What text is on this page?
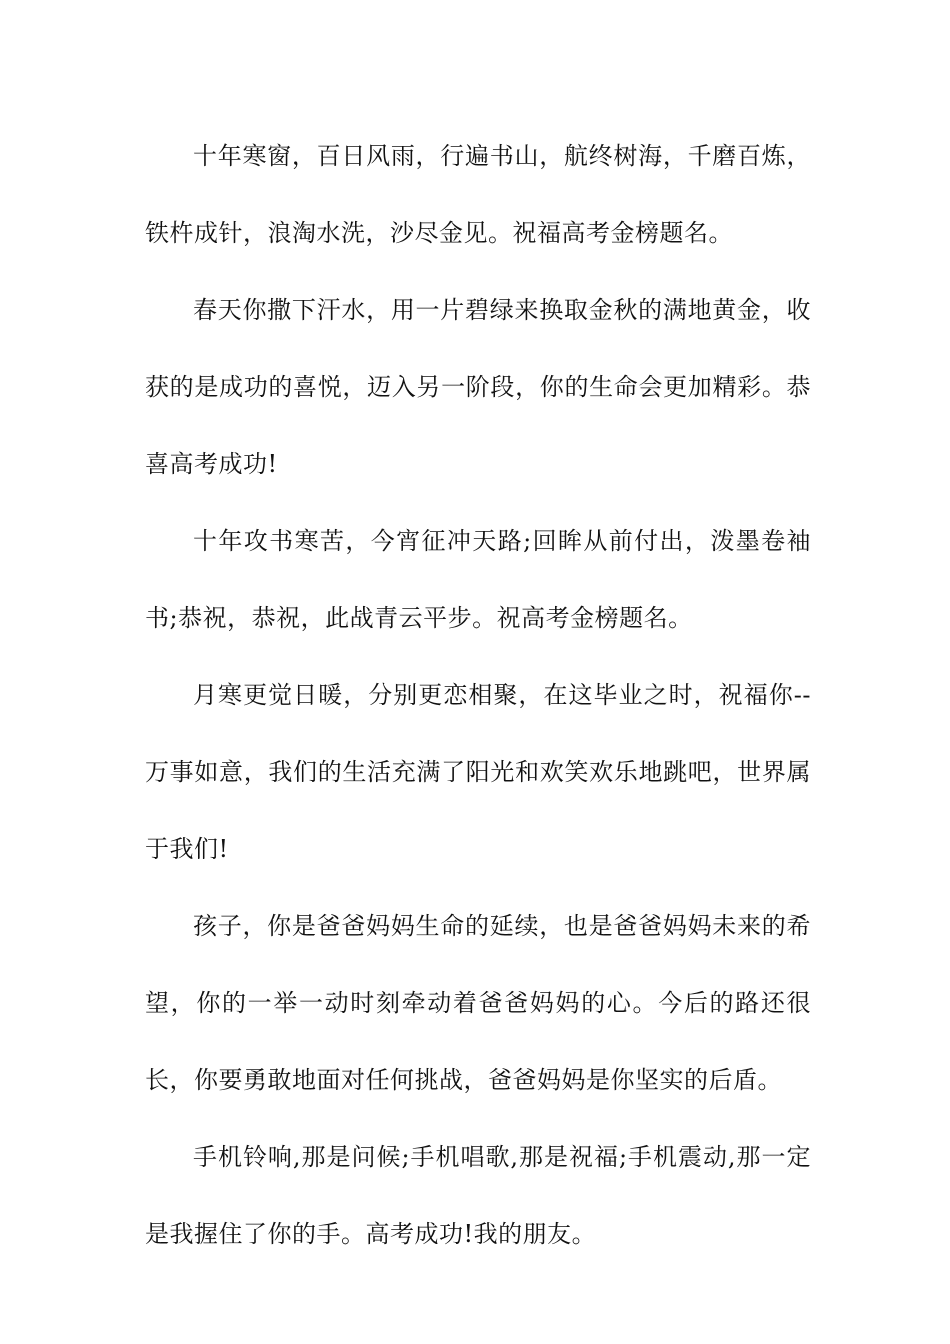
十年寒窗，百日风雨，行遍书山，航终树海，千磨百炼，铁杵成针，浪淘水洗，沙尽金见。祝福高考金榜题名。

春天你撒下汗水，用一片碧绿来换取金秋的满地黄金，收获的是成功的喜悦，迈入另一阶段，你的生命会更加精彩。恭喜高考成功!

十年攻书寒苦，今宵征冲天路;回眸从前付出，泼墨卷袖书;恭祝，恭祝，此战青云平步。祝高考金榜题名。

月寒更觉日暖，分别更恋相聚，在这毕业之时，祝福你--万事如意，我们的生活充满了阳光和欢笑欢乐地跳吧，世界属于我们!

孩子，你是爸爸妈妈生命的延续，也是爸爸妈妈未来的希望，你的一举一动时刻牵动着爸爸妈妈的心。今后的路还很长，你要勇敢地面对任何挑战，爸爸妈妈是你坚实的后盾。

手机铃响,那是问候;手机唱歌,那是祝福;手机震动,那一定是我握住了你的手。高考成功!我的朋友。
